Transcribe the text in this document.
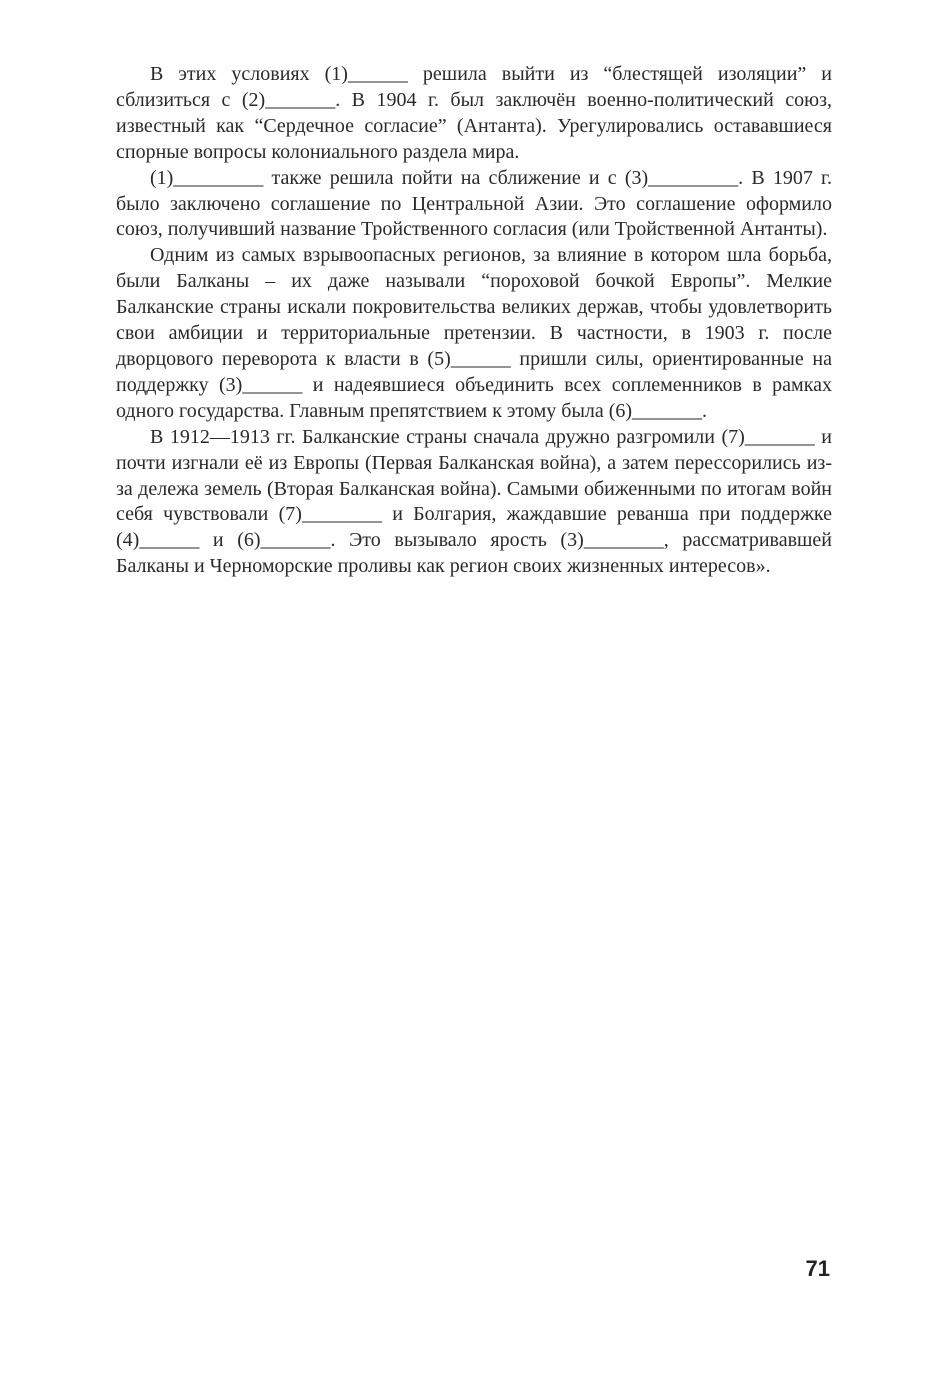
В этих условиях (1)______ решила выйти из “блестящей изоляции” и сблизиться с (2)_______. В 1904 г. был заключён военно-политический союз, известный как “Сердечное согласие” (Антанта). Урегулировались остававшиеся спорные вопросы колониального раздела мира.

(1)_________ также решила пойти на сближение и с (3)_________. В 1907 г. было заключено соглашение по Центральной Азии. Это соглашение оформило союз, получивший название Тройственного согласия (или Тройственной Антанты).

Одним из самых взрывоопасных регионов, за влияние в котором шла борьба, были Балканы – их даже называли “пороховой бочкой Европы”. Мелкие Балканские страны искали покровительства великих держав, чтобы удовлетворить свои амбиции и территориальные претензии. В частности, в 1903 г. после дворцового переворота к власти в (5)______ пришли силы, ориентированные на поддержку (3)______ и надеявшиеся объединить всех соплеменников в рамках одного государства. Главным препятствием к этому была (6)_______.

В 1912—1913 гг. Балканские страны сначала дружно разгромили (7)_______ и почти изгнали её из Европы (Первая Балканская война), а затем перессорились из-за дележа земель (Вторая Балканская война). Самыми обиженными по итогам войн себя чувствовали (7)________ и Болгария, жаждавшие реванша при поддержке (4)______ и (6)_______. Это вызывало ярость (3)________, рассматривавшей Балканы и Черноморские проливы как регион своих жизненных интересов».

71
